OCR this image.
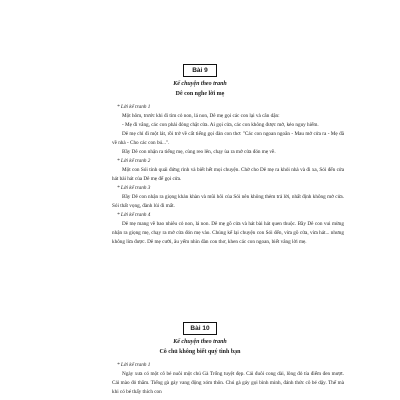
Bài 9
Kể chuyện theo tranh
Dê con nghe lời mẹ

* Lời kể tranh 1

Một hôm, trước khi đi tìm cỏ non, lá non, Dê mẹ gọi các con lại và căn dặn:

- Mẹ đi vắng, các con phải đóng chặt cửa. Ai gọi cửa, các con không được mở, kẻo nguy hiểm.

Dê mẹ chỉ đi một lát, rồi trở về cất tiếng gọi đàn con thơ: "Các con ngoan ngoãn - Mau mở cửa ra - Mẹ đã về nhà - Cho các con bú...".

Bầy Dê con nhận ra tiếng mẹ, cùng reo lên, chạy ùa ra mở cửa đón mẹ về.

* Lời kể tranh 2

Một con Sói tinh quái đứng rình và biết hết mọi chuyện. Chờ cho Dê mẹ ra khỏi nhà và đi xa, Sói đến cửa hát bài hát của Dê mẹ để gọi cửa.

* Lời kể tranh 3

Bầy Dê con nhận ra giọng khàn khàn và mũi hôi của Sói nên không thèm trả lời, nhất định không mở cửa. Sói thất vọng, đành lủi đi mất.

* Lời kể tranh 4

Dê mẹ mang về bao nhiêu cỏ non, lá non. Dê mẹ gõ cửa và hát bài hát quen thuộc. Bầy Dê con vui mừng nhận ra giọng mẹ, chạy ra mở cửa đón mẹ vào. Chúng kể lại chuyện con Sói đến, vừa gõ cửa, vừa hát... nhưng không lừa được. Dê mẹ cười, âu yếm nhìn đàn con thơ, khen các con ngoan, biết vâng lời mẹ.

Bài 10
Kể chuyện theo tranh
Cô chủ không biết quý tình bạn

* Lời kể tranh 1

Ngày xưa có một cô bé nuôi một chú Gà Trống tuyệt đẹp. Cái đuôi cong dài, lông đỏ tía điểm đen mượt. Cái mào đỏ thắm. Tiếng gà gáy vang động xóm thôn. Chú gà gáy gọi bình minh, đánh thức cô bé dậy. Thế mà khi có bé thấy thích con
